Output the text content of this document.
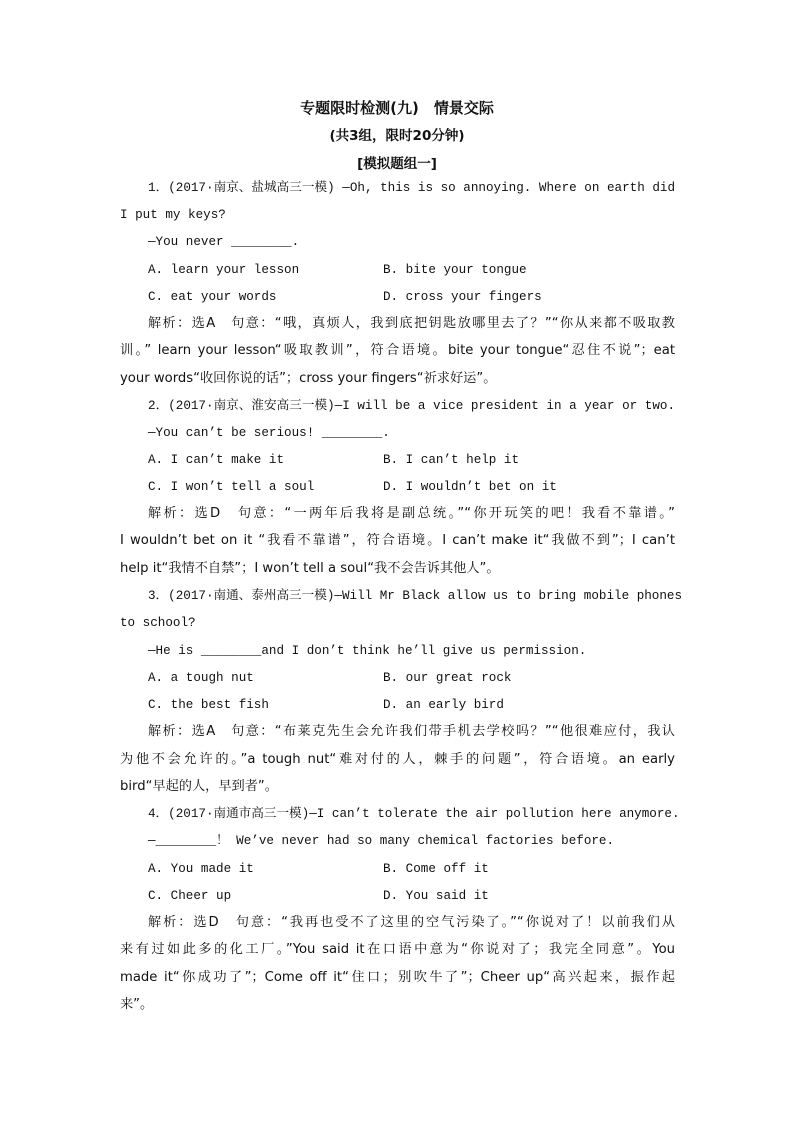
专题限时检测(九)　情景交际
(共3组，限时20分钟)
[模拟题组一]
1．(2017·南京、盐城高三一模) —Oh, this is so annoying. Where on earth did
I put my keys?
—You never ________.
A. learn your lesson	B. bite your tongue
C. eat your words	D. cross your fingers
解析：选A　句意：“哦，真烦人，我到底把钥匙放哪里去了？”“你从来都不吸取教
训。” learn your lesson“吸取教训”，符合语境。bite your tongue“忍住不说”；eat
your words“收回你说的话”；cross your fingers“祈求好运”。
2．(2017·南京、淮安高三一模)—I will be a vice president in a year or two.
—You can’t be serious! ________.
A. I can’t make it	B. I can’t help it
C. I won’t tell a soul	D. I wouldn’t bet on it
解析：选D　句意：“一两年后我将是副总统。”“你开玩笑的吧！我看不靠谱。”
I wouldn’t bet on it “我看不靠谱”，符合语境。I can’t make it“我做不到”；I can’t
help it“我情不自禁”；I won’t tell a soul“我不会告诉其他人”。
3．(2017·南通、泰州高三一模)—Will Mr Black allow us to bring mobile phones
to school?
—He is ________and I don’t think he’ll give us permission.
A. a tough nut	B. our great rock
C. the best fish	D. an early bird
解析：选A　句意：“布莱克先生会允许我们带手机去学校吗？”“他很难应付，我认
为他不会允许的。”a tough nut“难对付的人，棘手的问题”，符合语境。an early
bird“早起的人，早到者”。
4．(2017·南通市高三一模)—I can’t tolerate the air pollution here anymore.
—________！ We’ve never had so many chemical factories before.
A. You made it	B. Come off it
C. Cheer up	D. You said it
解析：选D　句意：“我再也受不了这里的空气污染了。”“你说对了！以前我们从
来有过如此多的化工厂。”You said it在口语中意为“你说对了；我完全同意”。You
made it“你成功了”；Come off it“住口；别吹牛了”；Cheer up“高兴起来，振作起
来”。
